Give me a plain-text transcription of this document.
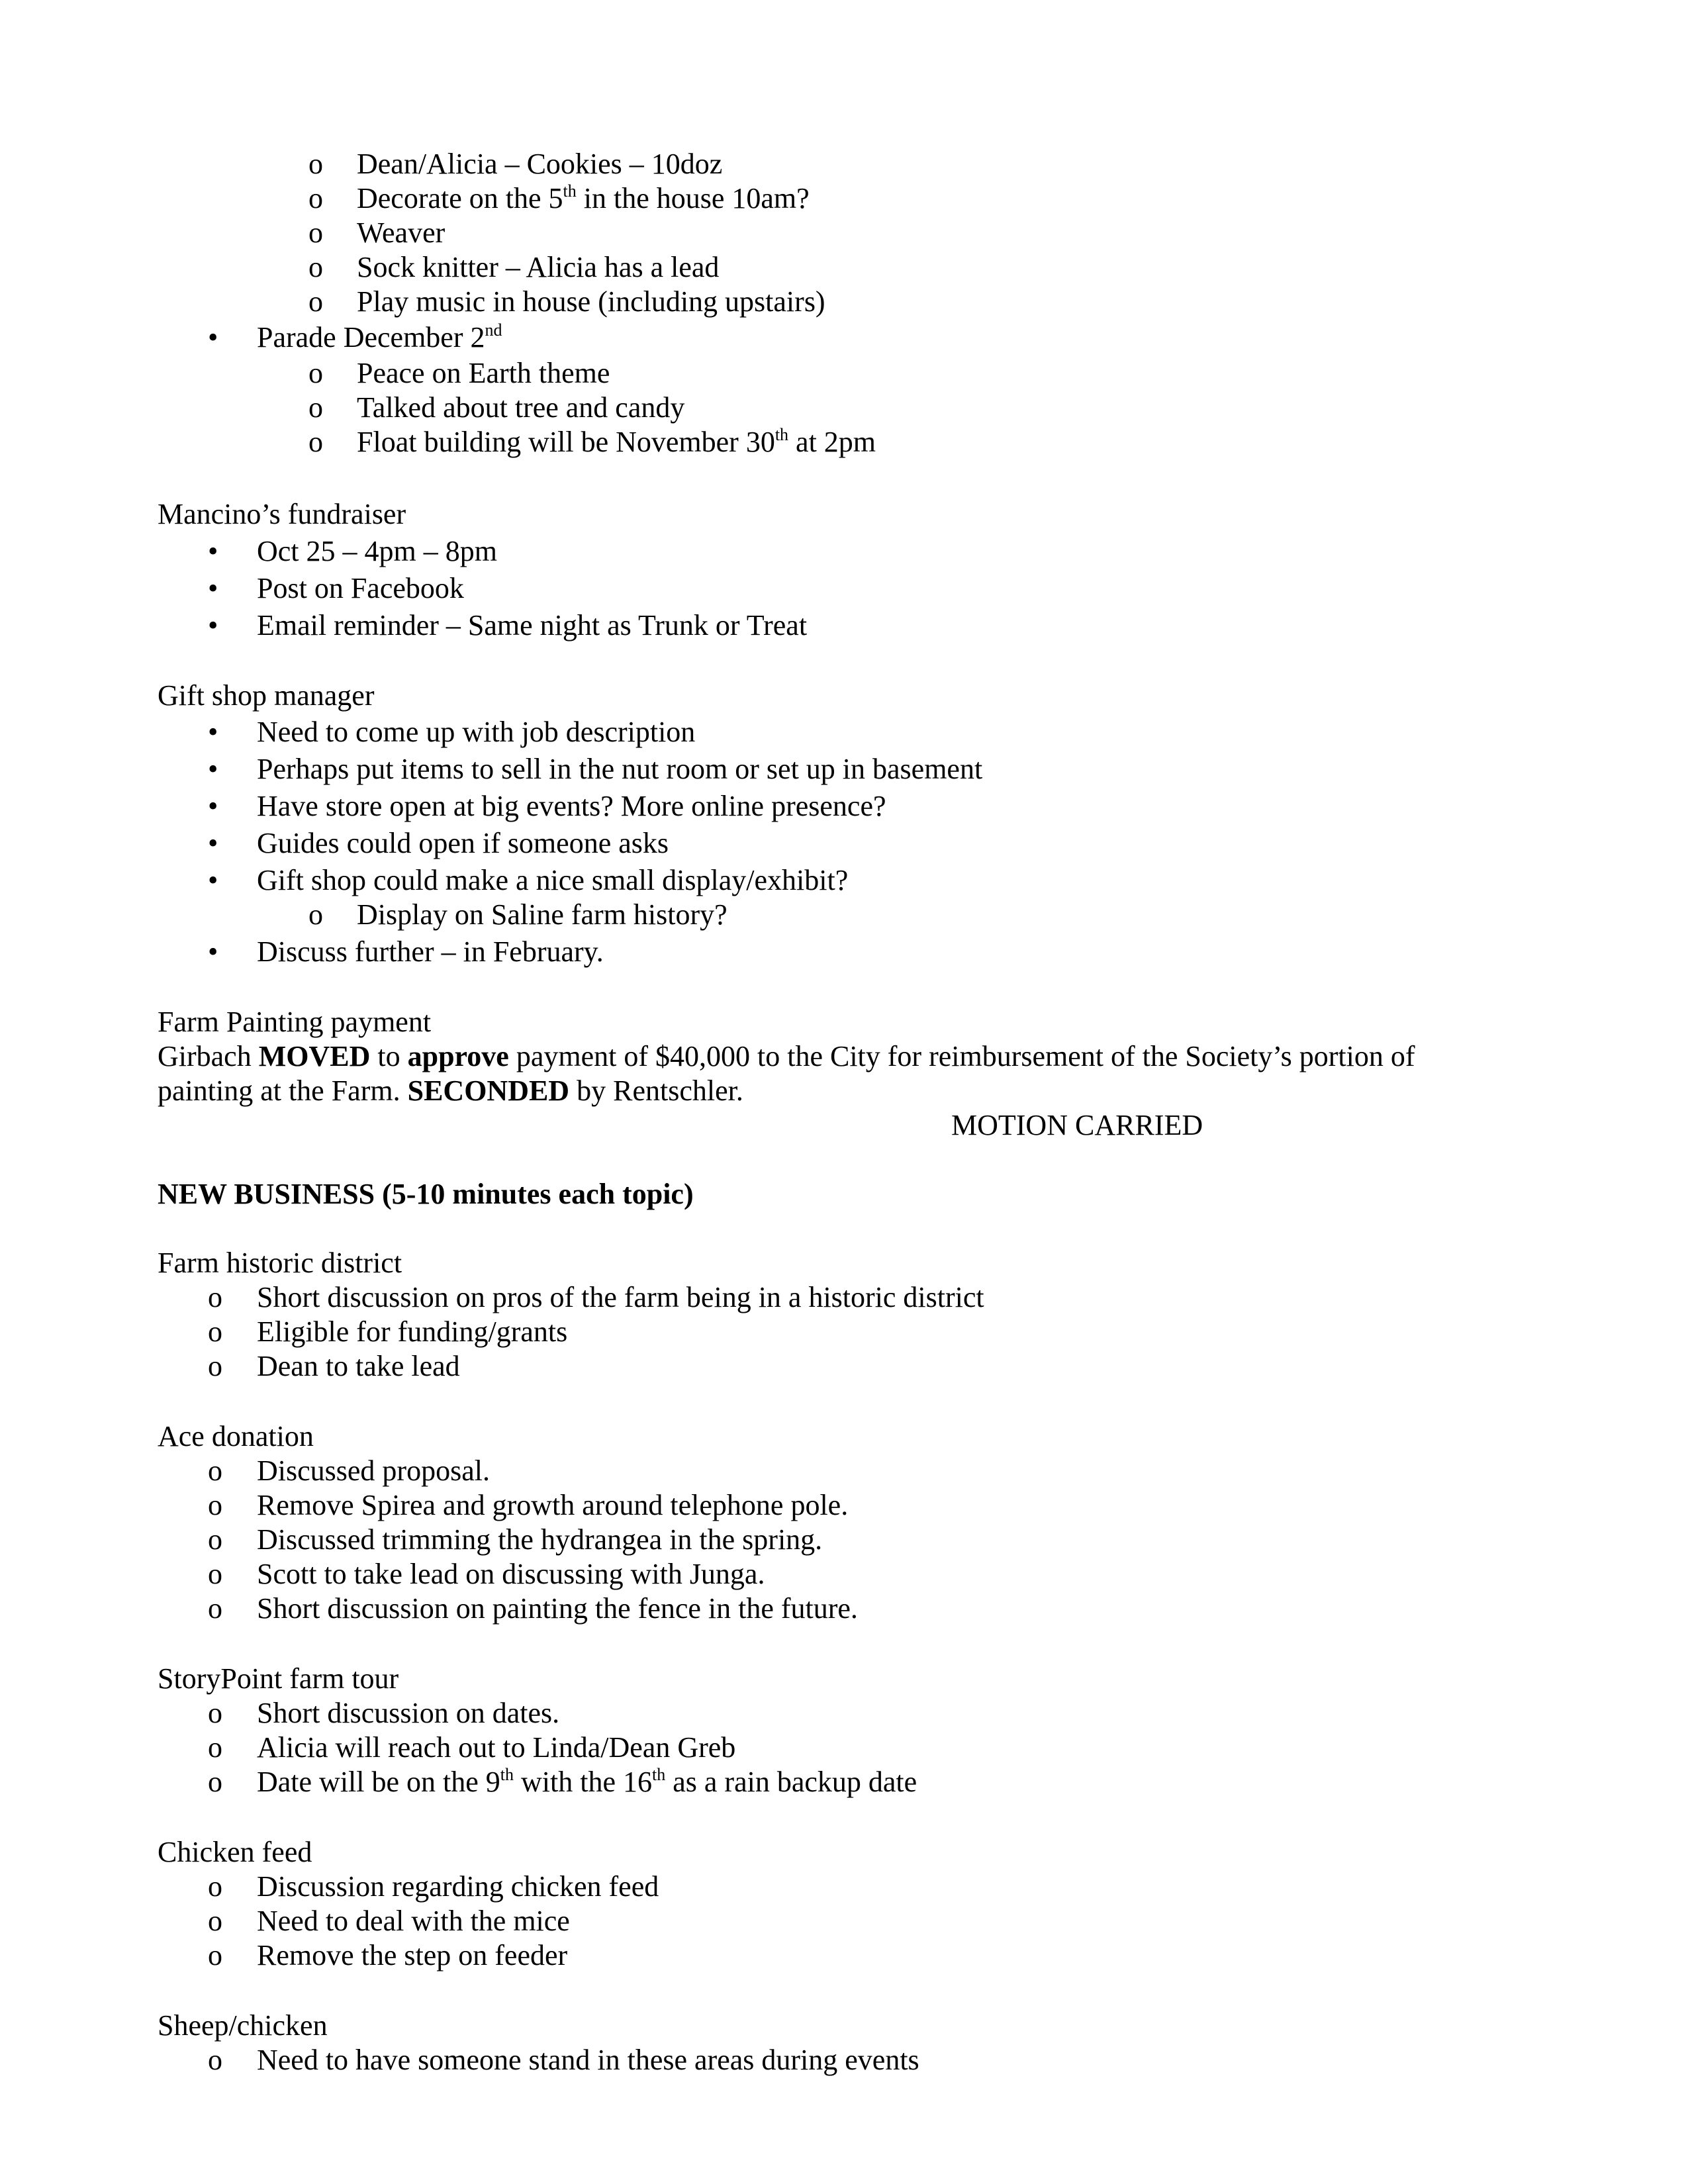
o Dean/Alicia – Cookies – 10doz
o Decorate on the 5th in the house 10am?
o Weaver
o Sock knitter – Alicia has a lead
o Play music in house (including upstairs)
• Parade December 2nd
o Peace on Earth theme
o Talked about tree and candy
o Float building will be November 30th at 2pm
Mancino’s fundraiser
• Oct 25 – 4pm – 8pm
• Post on Facebook
• Email reminder – Same night as Trunk or Treat
Gift shop manager
• Need to come up with job description
• Perhaps put items to sell in the nut room or set up in basement
• Have store open at big events? More online presence?
• Guides could open if someone asks
• Gift shop could make a nice small display/exhibit?
o Display on Saline farm history?
• Discuss further – in February.
Farm Painting payment
Girbach MOVED to approve payment of $40,000 to the City for reimbursement of the Society’s portion of
painting at the Farm. SECONDED by Rentschler.
MOTION CARRIED
NEW BUSINESS (5-10 minutes each topic)
Farm historic district
o Short discussion on pros of the farm being in a historic district
o Eligible for funding/grants
o Dean to take lead
Ace donation
o Discussed proposal.
o Remove Spirea and growth around telephone pole.
o Discussed trimming the hydrangea in the spring.
o Scott to take lead on discussing with Junga.
o Short discussion on painting the fence in the future.
StoryPoint farm tour
o Short discussion on dates.
o Alicia will reach out to Linda/Dean Greb
o Date will be on the 9th with the 16th as a rain backup date
Chicken feed
o Discussion regarding chicken feed
o Need to deal with the mice
o Remove the step on feeder
Sheep/chicken
o Need to have someone stand in these areas during events
